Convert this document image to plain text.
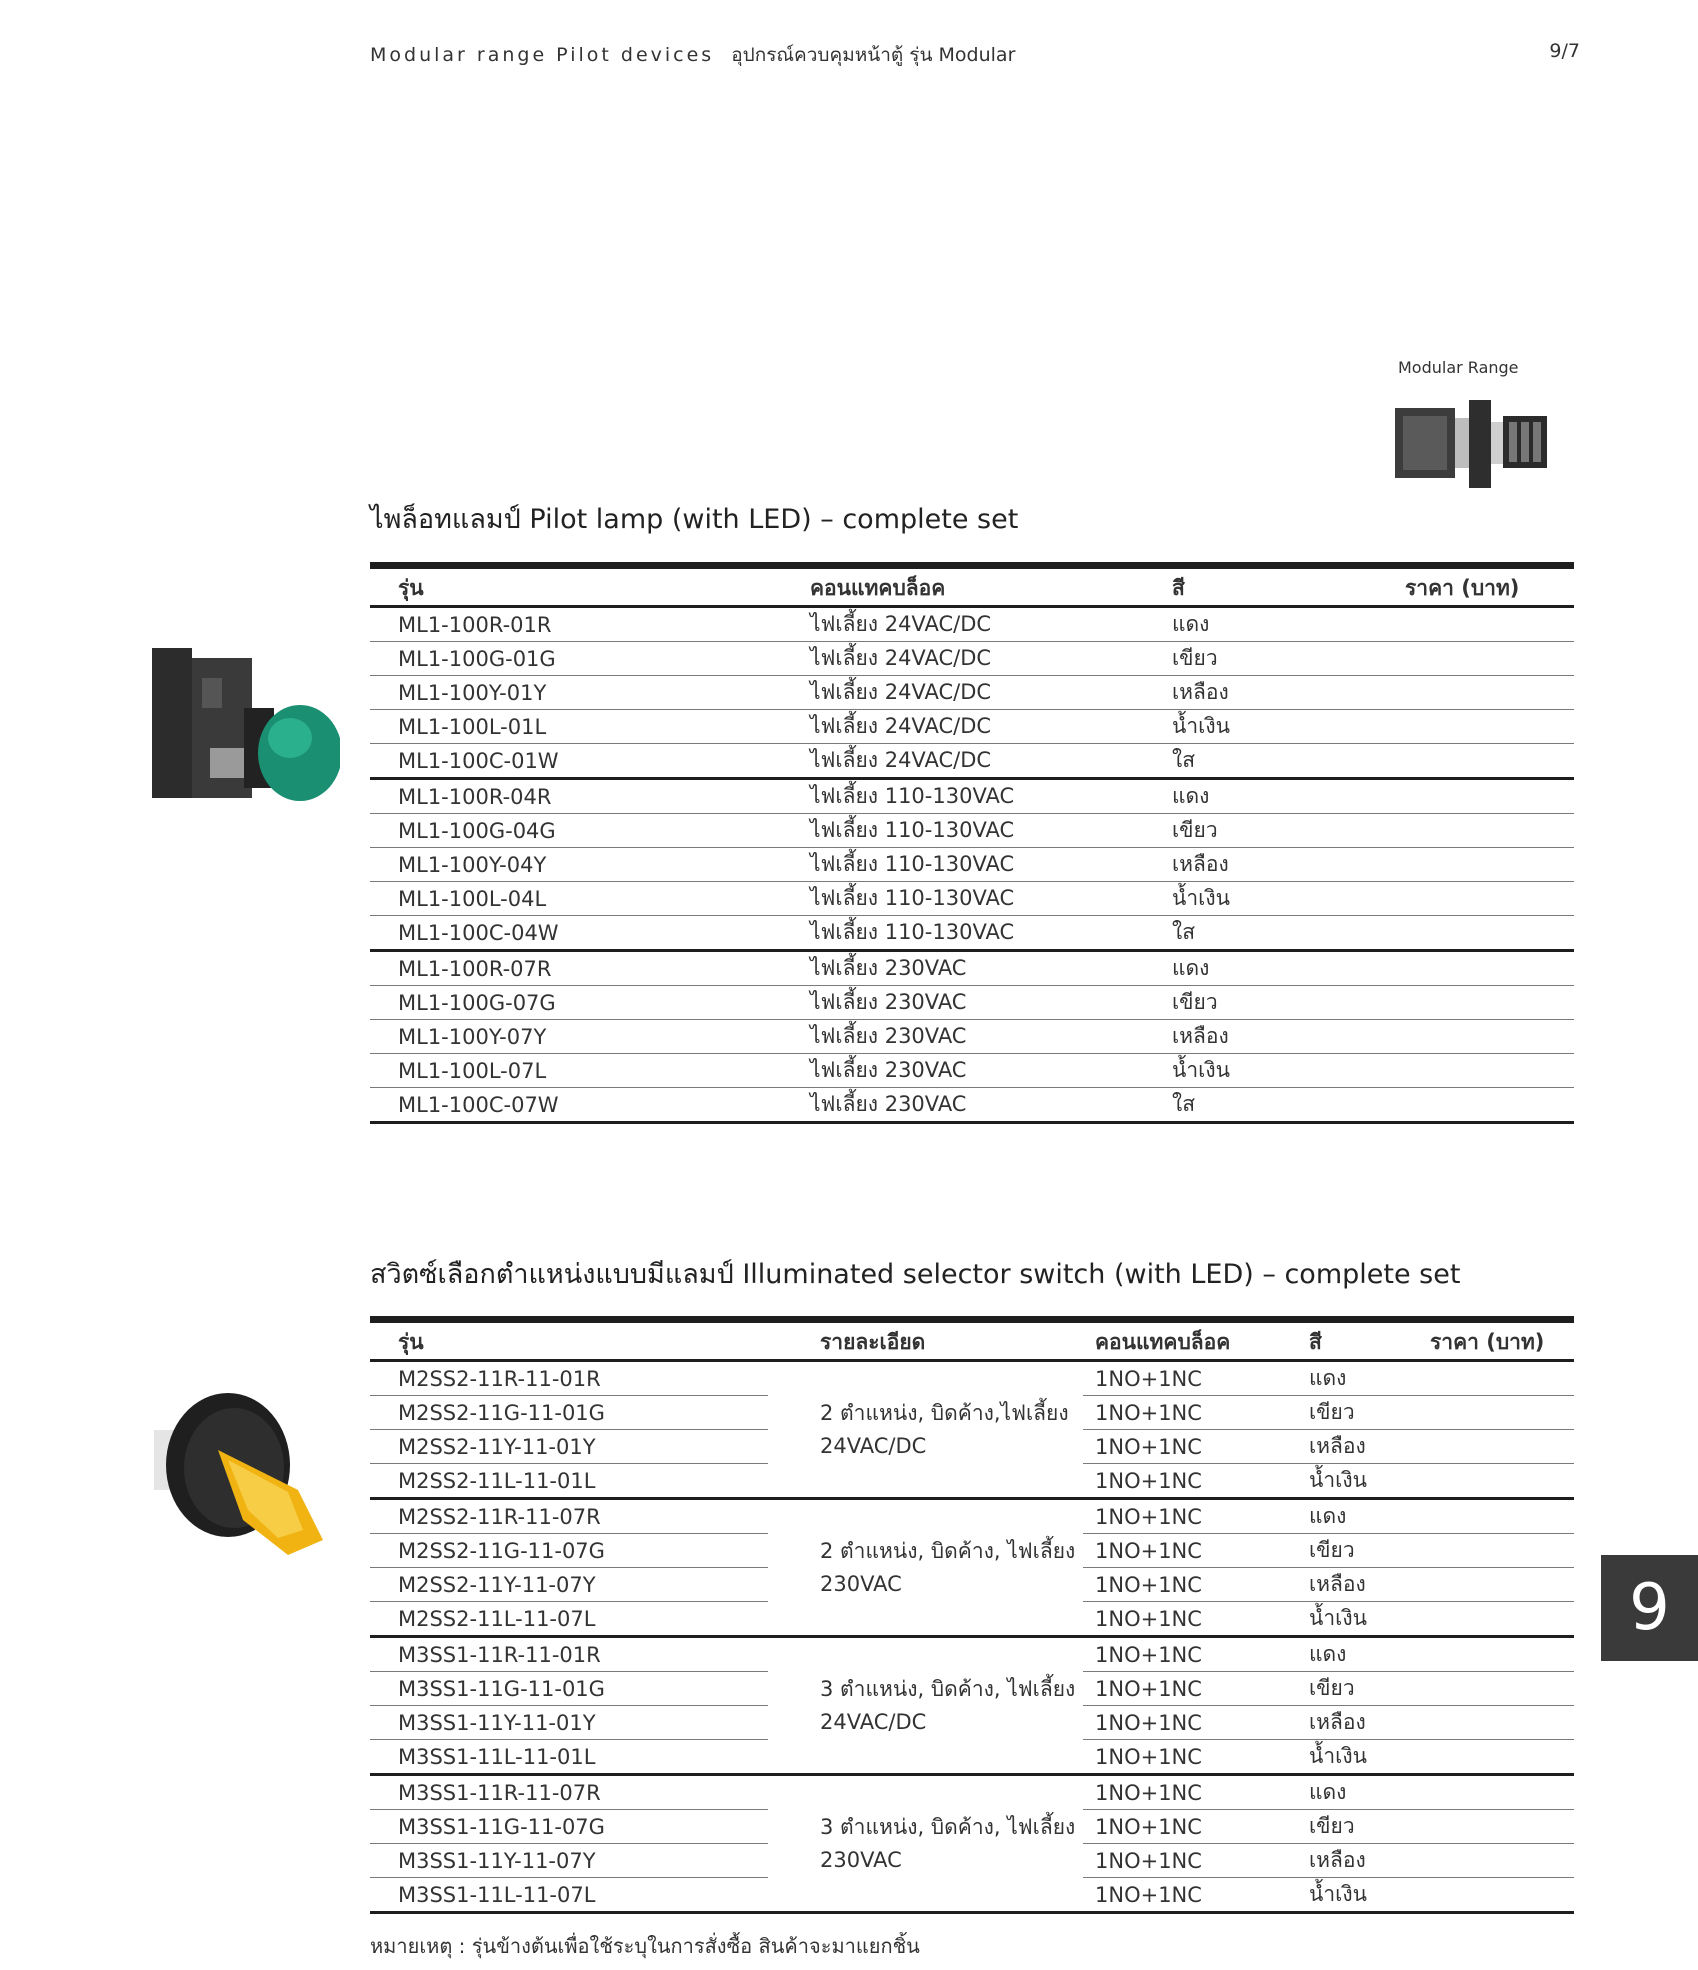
Modular range Pilot devices อุปกรณ์ควบคุมหน้าตู้ รุ่น Modular	9/7
Modular Range
ไพล็อทแลมป์ Pilot lamp (with LED) – complete set
รุ่น	คอนแทคบล็อค	สี	ราคา (บาท)
ML1-100R-01R	ไฟเลี้ยง 24VAC/DC	แดง	
ML1-100G-01G	ไฟเลี้ยง 24VAC/DC	เขียว	
ML1-100Y-01Y	ไฟเลี้ยง 24VAC/DC	เหลือง	
ML1-100L-01L	ไฟเลี้ยง 24VAC/DC	น้ำเงิน	
ML1-100C-01W	ไฟเลี้ยง 24VAC/DC	ใส	
ML1-100R-04R	ไฟเลี้ยง 110-130VAC	แดง	
ML1-100G-04G	ไฟเลี้ยง 110-130VAC	เขียว	
ML1-100Y-04Y	ไฟเลี้ยง 110-130VAC	เหลือง	
ML1-100L-04L	ไฟเลี้ยง 110-130VAC	น้ำเงิน	
ML1-100C-04W	ไฟเลี้ยง 110-130VAC	ใส	
ML1-100R-07R	ไฟเลี้ยง 230VAC	แดง	
ML1-100G-07G	ไฟเลี้ยง 230VAC	เขียว	
ML1-100Y-07Y	ไฟเลี้ยง 230VAC	เหลือง	
ML1-100L-07L	ไฟเลี้ยง 230VAC	น้ำเงิน	
ML1-100C-07W	ไฟเลี้ยง 230VAC	ใส	
สวิตซ์เลือกตำแหน่งแบบมีแลมป์ Illuminated selector switch (with LED) – complete set
รุ่น	รายละเอียด	คอนแทคบล็อค	สี	ราคา (บาท)
M2SS2-11R-11-01R	2 ตำแหน่ง, บิดค้าง,ไฟเลี้ยง 24VAC/DC	1NO+1NC	แดง	
M2SS2-11G-11-01G		1NO+1NC	เขียว	
M2SS2-11Y-11-01Y		1NO+1NC	เหลือง	
M2SS2-11L-11-01L		1NO+1NC	น้ำเงิน	
M2SS2-11R-11-07R	2 ตำแหน่ง, บิดค้าง, ไฟเลี้ยง 230VAC	1NO+1NC	แดง	
M2SS2-11G-11-07G		1NO+1NC	เขียว	
M2SS2-11Y-11-07Y		1NO+1NC	เหลือง	
M2SS2-11L-11-07L		1NO+1NC	น้ำเงิน	
M3SS1-11R-11-01R	3 ตำแหน่ง, บิดค้าง, ไฟเลี้ยง 24VAC/DC	1NO+1NC	แดง	
M3SS1-11G-11-01G		1NO+1NC	เขียว	
M3SS1-11Y-11-01Y		1NO+1NC	เหลือง	
M3SS1-11L-11-01L		1NO+1NC	น้ำเงิน	
M3SS1-11R-11-07R	3 ตำแหน่ง, บิดค้าง, ไฟเลี้ยง 230VAC	1NO+1NC	แดง	
M3SS1-11G-11-07G		1NO+1NC	เขียว	
M3SS1-11Y-11-07Y		1NO+1NC	เหลือง	
M3SS1-11L-11-07L		1NO+1NC	น้ำเงิน	
9
หมายเหตุ : รุ่นข้างต้นเพื่อใช้ระบุในการสั่งซื้อ สินค้าจะมาแยกชิ้น
